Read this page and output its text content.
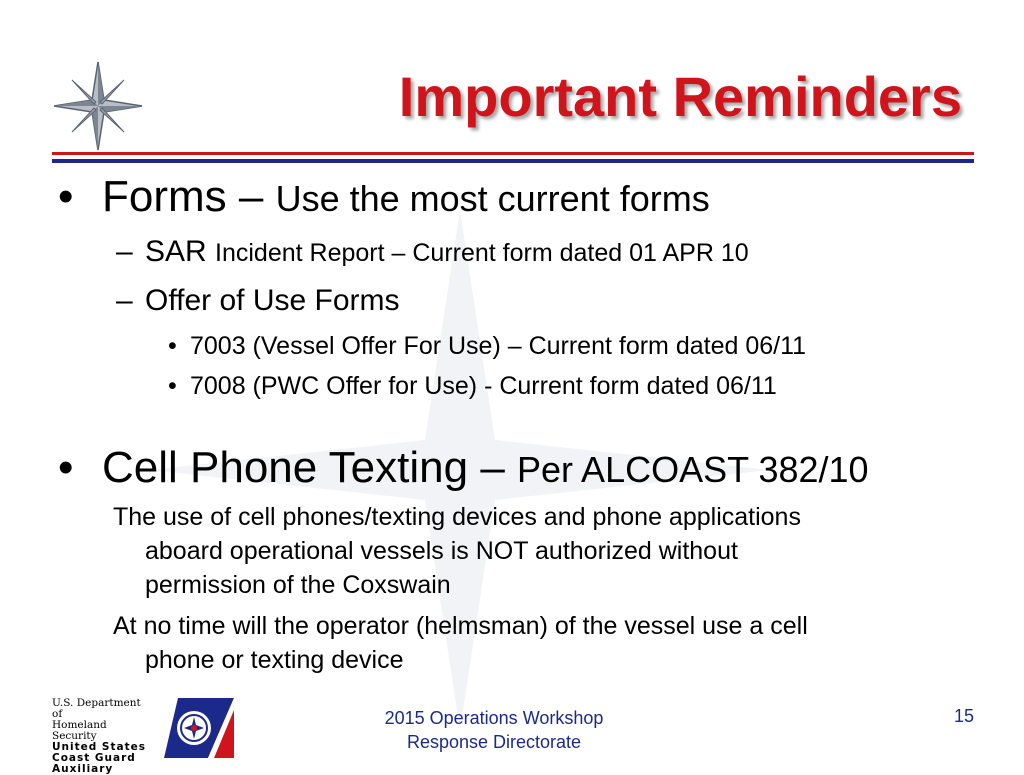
Important Reminders
• Forms – Use the most current forms
– SAR Incident Report – Current form dated 01 APR 10
– Offer of Use Forms
• 7003 (Vessel Offer For Use) – Current form dated 06/11
• 7008 (PWC Offer for Use) - Current form dated 06/11
• Cell Phone Texting – Per ALCOAST 382/10
The use of cell phones/texting devices and phone applications
aboard operational vessels is NOT authorized without
permission of the Coxswain
At no time will the operator (helmsman) of the vessel use a cell
phone or texting device
U.S. Department of
Homeland Security
United States
Coast Guard
Auxiliary
2015 Operations Workshop
Response Directorate
15
